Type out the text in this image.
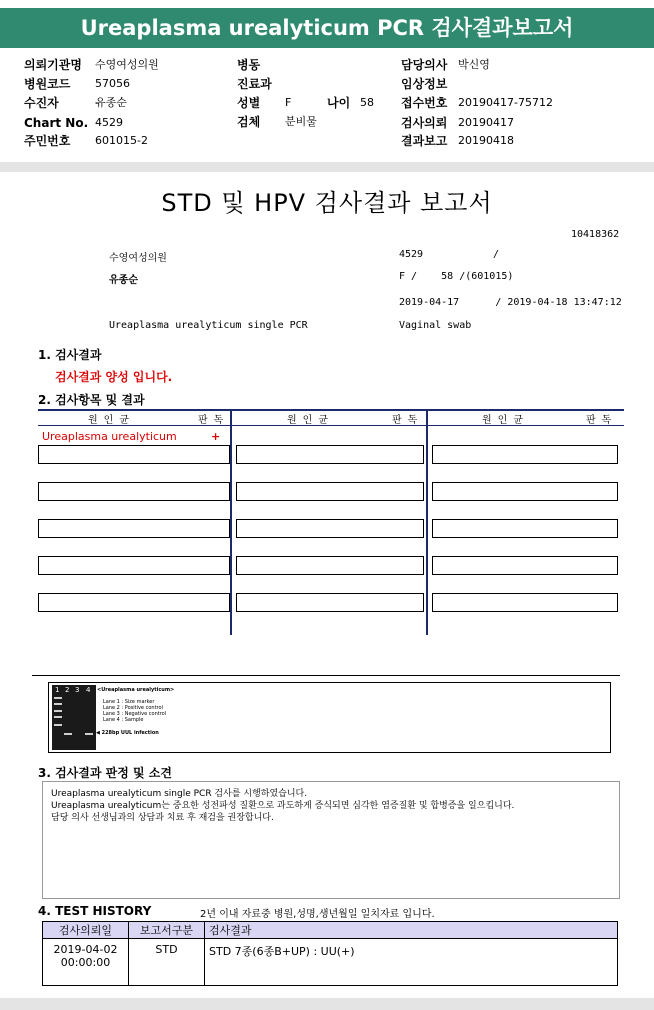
Ureaplasma urealyticum PCR 검사결과보고서
의뢰기관명 수영여성의원	병동	담당의사 박신영
병원코드 57056	진료과	임상정보
수진자	유종순	성별 F	나이 58 접수번호 20190417-75712
Chart No. 4529	검체 분비물	검사의뢰 20190417
주민번호 601015-2	결과보고 20190418
STD 및 HPV 검사결과 보고서
10418362
수영여성의원	4529	/
유종순	F /    58 /(601015)
2019-04-17      / 2019-04-18 13:47:12
Ureaplasma urealyticum single PCR	Vaginal swab
1. 검사결과
검사결과 양성 입니다.
2. 검사항목 및 결과
원인균	판독	원인균	판독	원인균	판독
Ureaplasma urealyticum	+
1 2 3 4 <Ureaplasma urealyticum>
Lane 1 : Size marker
Lane 2 : Positive control
Lane 3 : Negative control
Lane 4 : Sample
◀ 228bp UUL infection
3. 검사결과 판정 및 소견
Ureaplasma urealyticum single PCR 검사를 시행하였습니다.
Ureaplasma urealyticum는 중요한 성전파성 질환으로 과도하게 증식되면 심각한 염증질환 및 합병증을 일으킵니다.
담당 의사 선생님과의 상담과 치료 후 재검을 권장합니다.
4. TEST HISTORY	2년 이내 자료중 병원,성명,생년월일 일치자료 입니다.
검사의뢰일	보고서구분	검사결과

2019-04-02
00:00:00	STD	STD 7종(6종B+UP) : UU(+)
